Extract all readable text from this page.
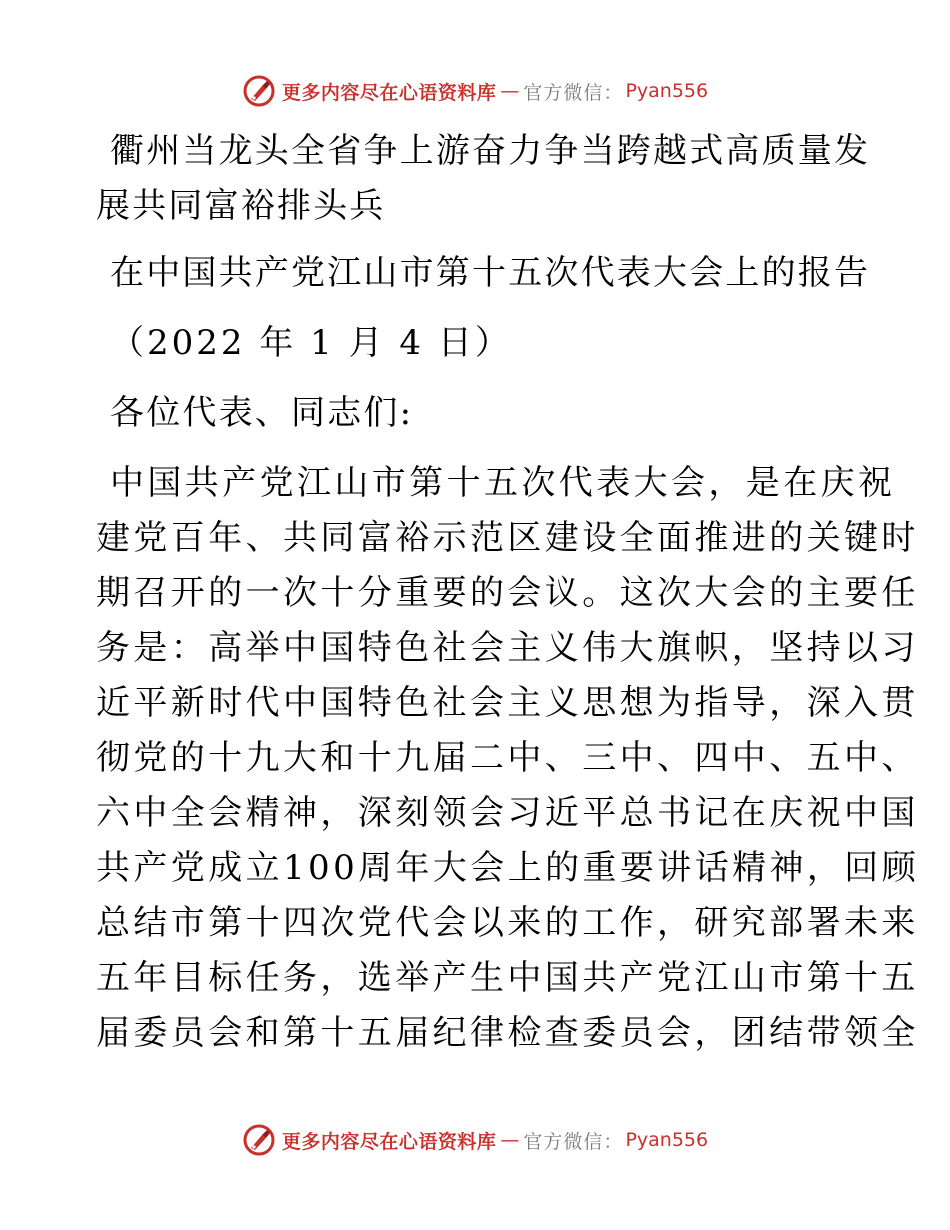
更多内容尽在心语资料库 — 官方微信： Pyan556
衢州当龙头全省争上游奋力争当跨越式高质量发
展共同富裕排头兵
在中国共产党江山市第十五次代表大会上的报告
（2022 年 1 月 4 日）
各位代表、同志们:
中国共产党江山市第十五次代表大会，是在庆祝
建党百年、共同富裕示范区建设全面推进的关键时
期召开的一次十分重要的会议。这次大会的主要任
务是：高举中国特色社会主义伟大旗帜，坚持以习
近平新时代中国特色社会主义思想为指导，深入贯
彻党的十九大和十九届二中、三中、四中、五中、
六中全会精神，深刻领会习近平总书记在庆祝中国
共产党成立100周年大会上的重要讲话精神，回顾
总结市第十四次党代会以来的工作，研究部署未来
五年目标任务，选举产生中国共产党江山市第十五
届委员会和第十五届纪律检查委员会，团结带领全
更多内容尽在心语资料库 — 官方微信： Pyan556
